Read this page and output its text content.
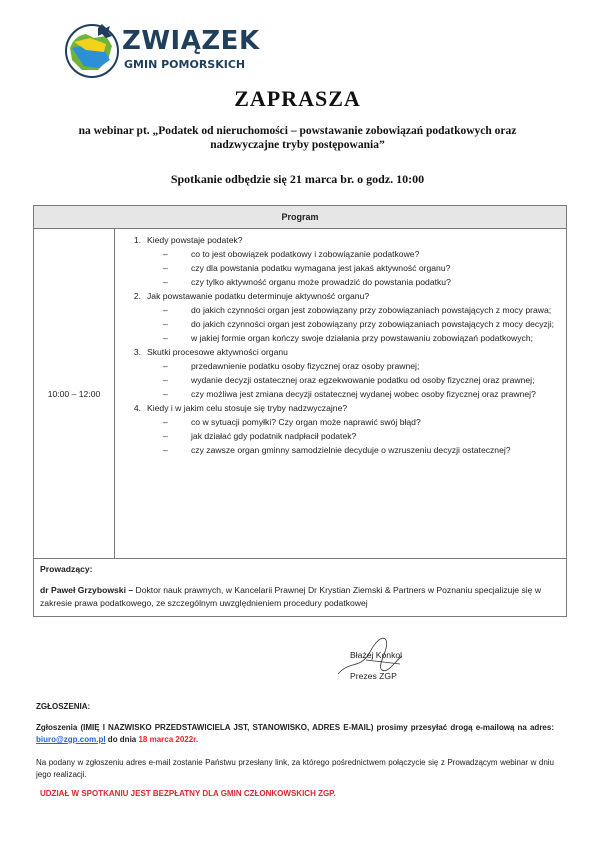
ZWIĄZEK
GMIN POMORSKICH
ZAPRASZA
na webinar pt. „Podatek od nieruchomości – powstawanie zobowiązań podatkowych oraz
nadzwyczajne tryby postępowania”
Spotkanie odbędzie się 21 marca br. o godz. 10:00
Program
10:00 – 12:00	
1. Kiedy powstaje podatek?
–	co to jest obowiązek podatkowy i zobowiązanie podatkowe?
–	czy dla powstania podatku wymagana jest jakaś aktywność organu?
–	czy tylko aktywność organu może prowadzić do powstania podatku?
2. Jak powstawanie podatku determinuje aktywność organu?
–	do jakich czynności organ jest zobowiązany przy zobowiązaniach powstających z mocy prawa;
–	do jakich czynności organ jest zobowiązany przy zobowiązaniach powstających z mocy decyzji;
–	w jakiej formie organ kończy swoje działania przy powstawaniu zobowiązań podatkowych;
3. Skutki procesowe aktywności organu
–	przedawnienie podatku osoby fizycznej oraz osoby prawnej;
–	wydanie decyzji ostatecznej oraz egzekwowanie podatku od osoby fizycznej oraz prawnej;
–	czy możliwa jest zmiana decyzji ostatecznej wydanej wobec osoby fizycznej oraz prawnej?
4. Kiedy i w jakim celu stosuje się tryby nadzwyczajne?
–	co w sytuacji pomyłki? Czy organ może naprawić swój błąd?
–	jak działać gdy podatnik nadpłacił podatek?
–	czy zawsze organ gminny samodzielnie decyduje o wzruszeniu decyzji ostatecznej?

Prowadzący:
dr Paweł Grzybowski – Doktor nauk prawnych, w Kancelarii Prawnej Dr Krystian Ziemski & Partners w Poznaniu specjalizuje się w zakresie prawa podatkowego, ze szczególnym uwzględnieniem procedury podatkowej
Błażej Konkol
Prezes ZGP
ZGŁOSZENIA:
Zgłoszenia (IMIĘ I NAZWISKO PRZEDSTAWICIELA JST, STANOWISKO, ADRES E-MAIL) prosimy przesyłać drogą e-mailową na adres: biuro@zgp.com.pl do dnia 18 marca 2022r.
Na podany w zgłoszeniu adres e-mail zostanie Państwu przesłany link, za którego pośrednictwem połączycie się z Prowadzącym webinar w dniu jego realizacji.
UDZIAŁ W SPOTKANIU JEST BEZPŁATNY DLA GMIN CZŁONKOWSKICH ZGP.
